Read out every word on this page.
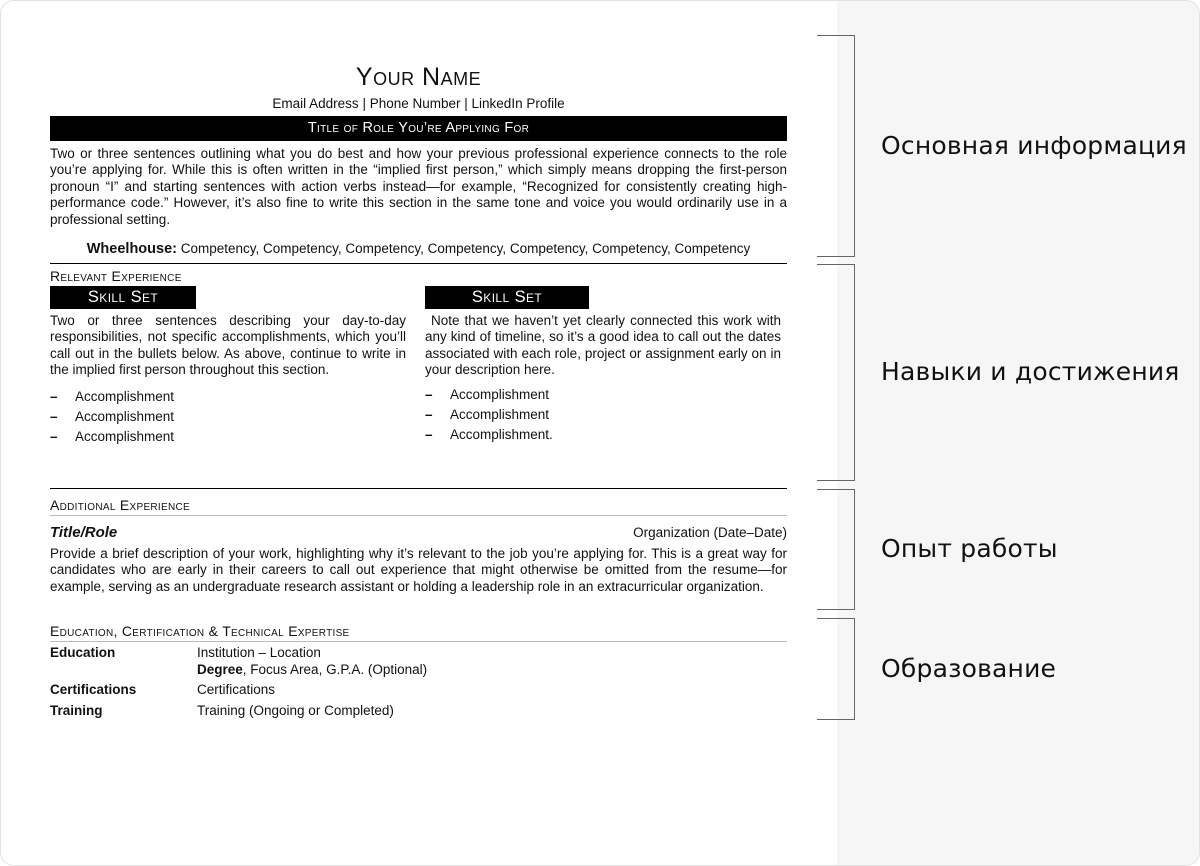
Your Name
Email Address | Phone Number | LinkedIn Profile
Title of Role You’re Applying For
Two or three sentences outlining what you do best and how your previous professional experience connects to the role you’re applying for. While this is often written in the “implied first person,” which simply means dropping the first-person pronoun “I” and starting sentences with action verbs instead—for example, “Recognized for consistently creating high-performance code.” However, it’s also fine to write this section in the same tone and voice you would ordinarily use in a professional setting.
Wheelhouse: Competency, Competency, Competency, Competency, Competency, Competency, Competency
Relevant Experience
Skill Set
Two or three sentences describing your day-to-day responsibilities, not specific accomplishments, which you’ll call out in the bullets below. As above, continue to write in the implied first person throughout this section.
– Accomplishment
– Accomplishment
– Accomplishment
Skill Set
Note that we haven’t yet clearly connected this work with any kind of timeline, so it’s a good idea to call out the dates associated with each role, project or assignment early on in your description here.
– Accomplishment
– Accomplishment
– Accomplishment.
Additional Experience
Title/Role	Organization (Date–Date)
Provide a brief description of your work, highlighting why it’s relevant to the job you’re applying for. This is a great way for candidates who are early in their careers to call out experience that might otherwise be omitted from the resume—for example, serving as an undergraduate research assistant or holding a leadership role in an extracurricular organization.
Education, Certification & Technical Expertise
Education	Institution – Location
Degree, Focus Area, G.P.A. (Optional)
Certifications	Certifications
Training	Training (Ongoing or Completed)
Основная информация
Навыки и достижения
Опыт работы
Образование
